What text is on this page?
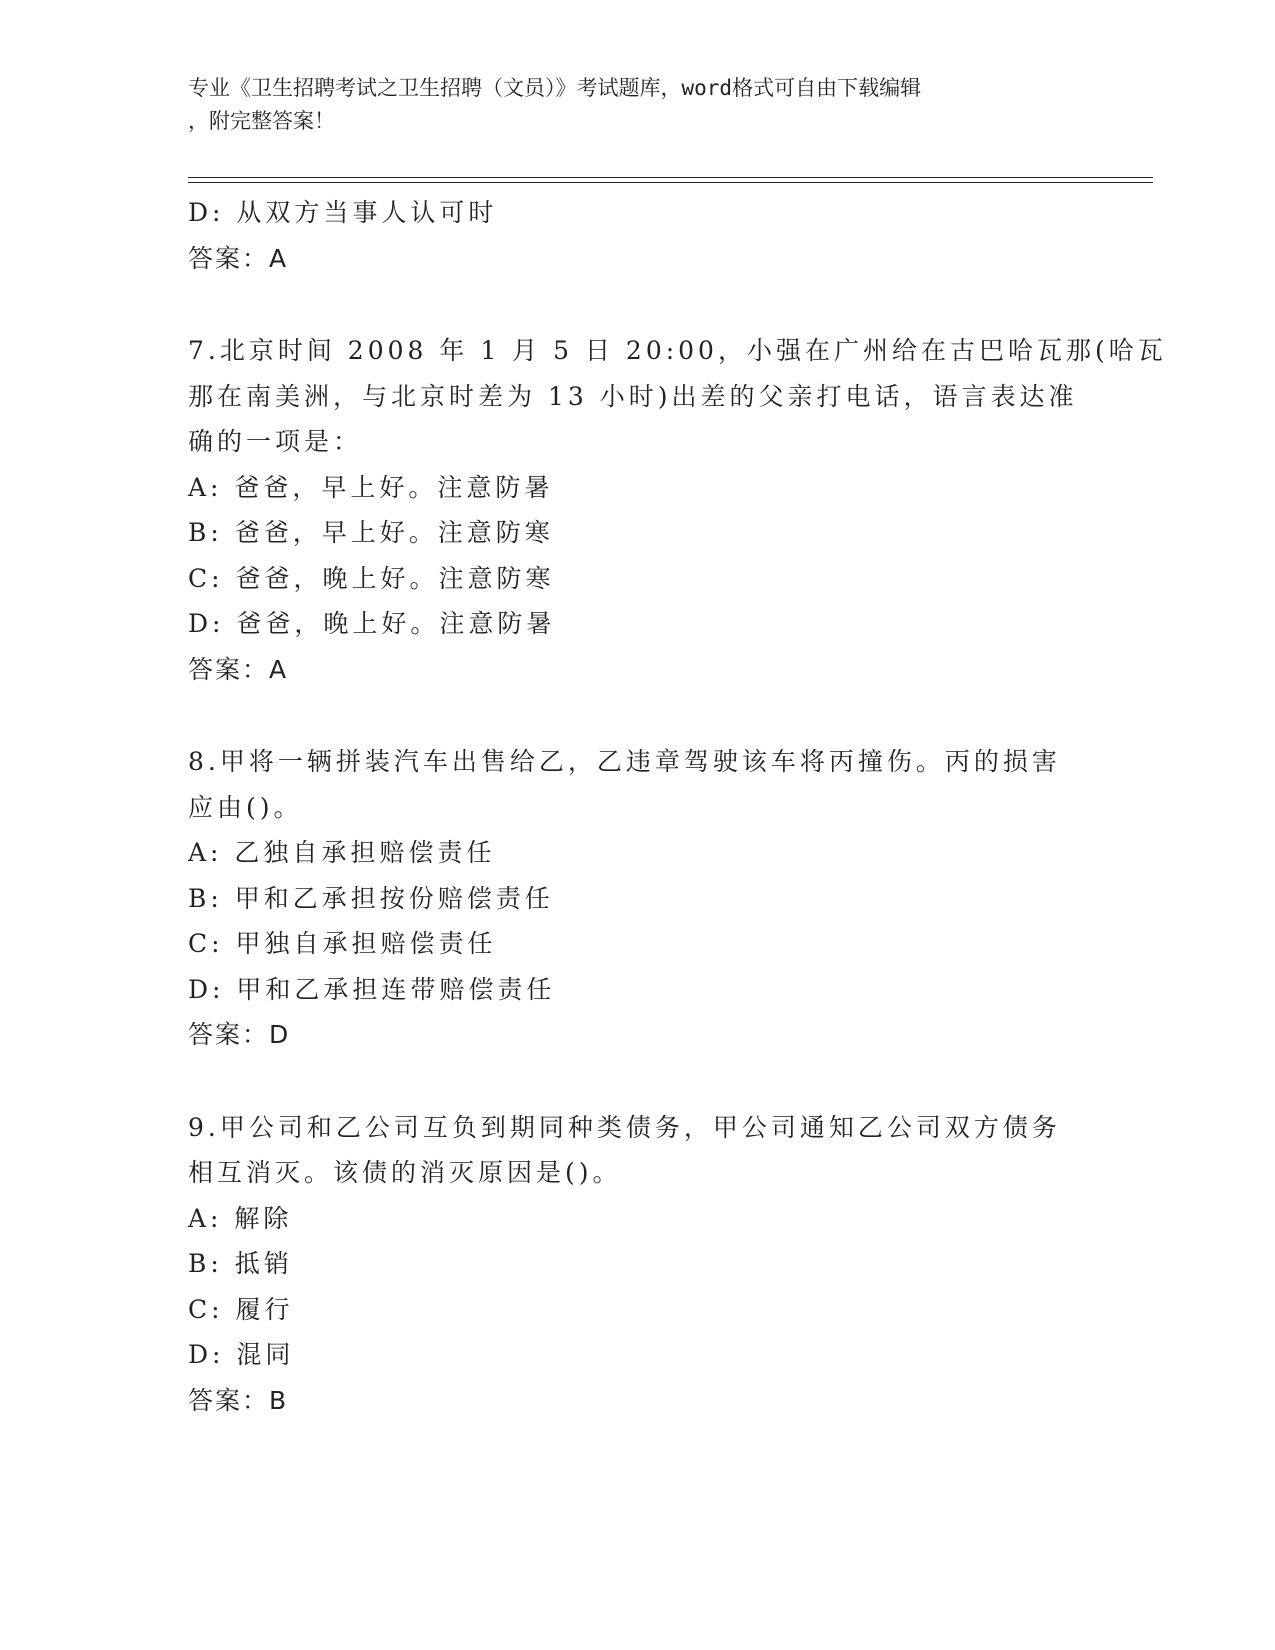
专业《卫生招聘考试之卫生招聘（文员）》考试题库，word格式可自由下载编辑
，附完整答案！
D: 从双方当事人认可时
答案：A
7.北京时间 2008 年 1 月 5 日 20:00，小强在广州给在古巴哈瓦那(哈瓦
那在南美洲，与北京时差为 13 小时)出差的父亲打电话，语言表达准
确的一项是：
A: 爸爸，早上好。注意防暑
B: 爸爸，早上好。注意防寒
C: 爸爸，晚上好。注意防寒
D: 爸爸，晚上好。注意防暑
答案：A
8.甲将一辆拼装汽车出售给乙，乙违章驾驶该车将丙撞伤。丙的损害
应由()。
A: 乙独自承担赔偿责任
B: 甲和乙承担按份赔偿责任
C: 甲独自承担赔偿责任
D: 甲和乙承担连带赔偿责任
答案：D
9.甲公司和乙公司互负到期同种类债务，甲公司通知乙公司双方债务
相互消灭。该债的消灭原因是()。
A: 解除
B: 抵销
C: 履行
D: 混同
答案：B
